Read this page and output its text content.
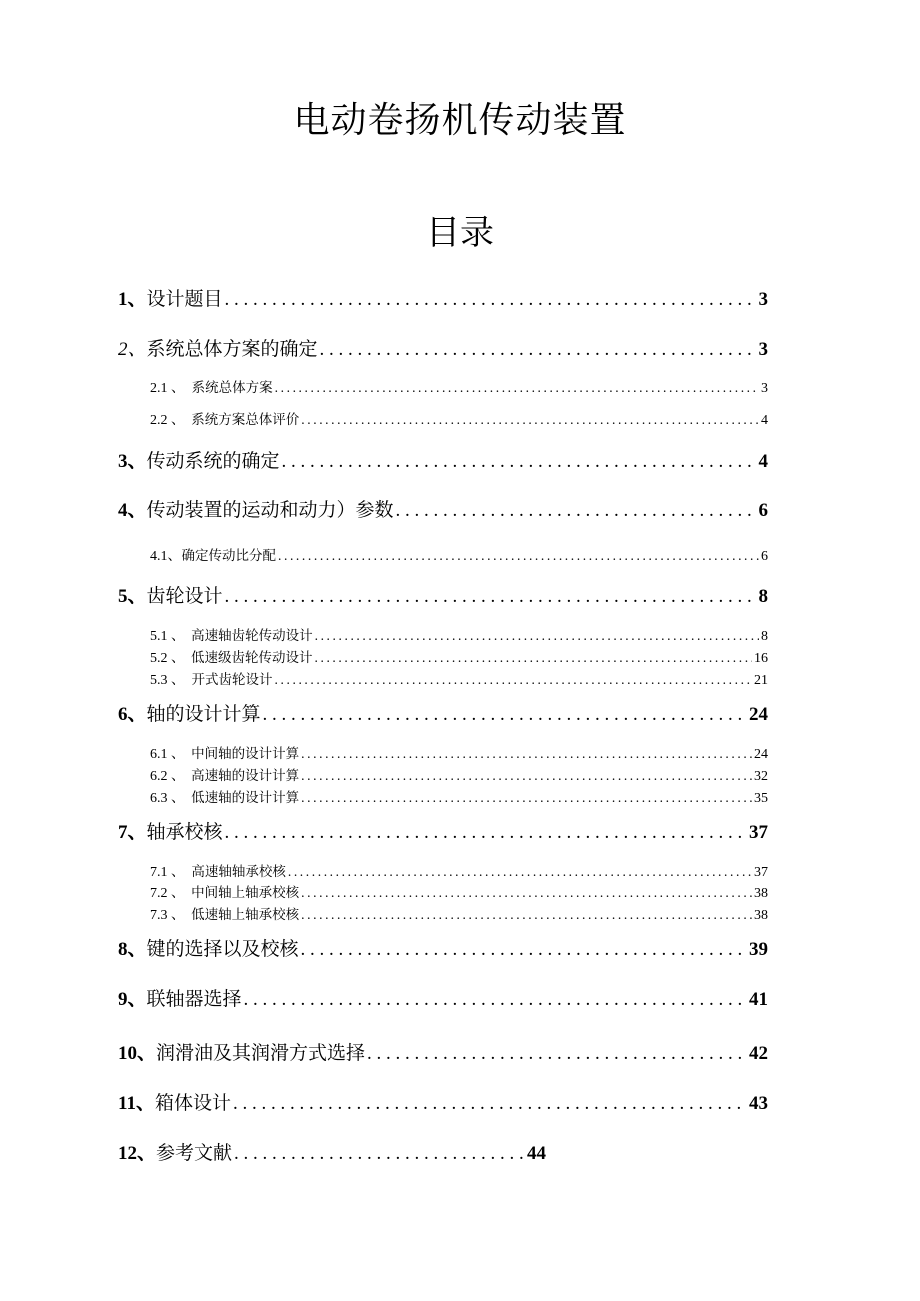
电动卷扬机传动装置
目录
1、 设计题目 . . .	3
2、 系统总体方案的确定 . . .	3
2.1 、 系统总体方案 .....	3
2.2 、 系统方案总体评价 .....	4
3、 传动系统的确定 . . .	4
4、 传动装置的运动和动力）参数 . . .	6
4.1、 确定传动比分配 .....	6
5、 齿轮设计 . . .	8
5.1 、 高速轴齿轮传动设计 .....	8
5.2 、 低速级齿轮传动设计 .....	16
5.3 、 开式齿轮设计 .....	21
6、 轴的设计计算 . . .	24
6.1 、 中间轴的设计计算 .....	24
6.2 、 高速轴的设计计算 .....	32
6.3 、 低速轴的设计计算 .....	35
7、 轴承校核 . . .	37
7.1 、 高速轴轴承校核 .....	37
7.2 、 中间轴上轴承校核 .....	38
7.3 、 低速轴上轴承校核 .....	38
8、 键的选择以及校核 . . .	39
9、 联轴器选择 . . .	41
10、 润滑油及其润滑方式选择 . . .	42
11、 箱体设计 . . .	43
12、 参考文献 . . .	44
